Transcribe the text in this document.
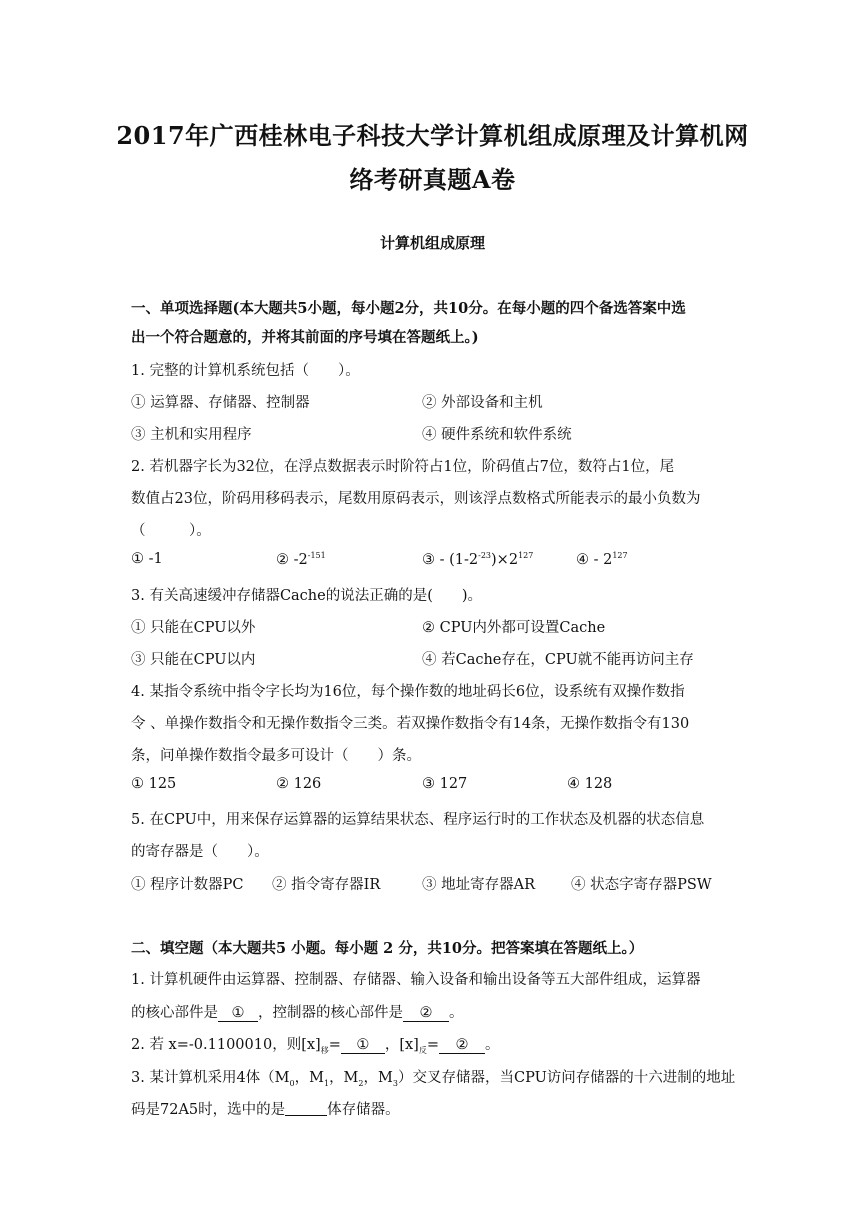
2017年广西桂林电子科技大学计算机组成原理及计算机网
络考研真题A卷
计算机组成原理
一、单项选择题(本大题共5小题，每小题2分，共10分。在每小题的四个备选答案中选
出一个符合题意的，并将其前面的序号填在答题纸上。)
1. 完整的计算机系统包括（　　）。
① 运算器、存储器、控制器	② 外部设备和主机
③ 主机和实用程序	④ 硬件系统和软件系统
2. 若机器字长为32位，在浮点数据表示时阶符占1位，阶码值占7位，数符占1位，尾
数值占23位，阶码用移码表示，尾数用原码表示，则该浮点数格式所能表示的最小负数为
（　　　）。
① -1	② $-2^{-151}$	③ - $(1-2^{-23})\times 2^{127}$	④ - $2^{127}$
3. 有关高速缓冲存储器Cache的说法正确的是(　　)。
① 只能在CPU以外	② CPU内外都可设置Cache
③ 只能在CPU以内	④ 若Cache存在，CPU就不能再访问主存
4. 某指令系统中指令字长均为16位，每个操作数的地址码长6位，设系统有双操作数指
令 、单操作数指令和无操作数指令三类。若双操作数指令有14条，无操作数指令有130
条，问单操作数指令最多可设计（　　）条。
① 125	② 126	③ 127	④ 128
5. 在CPU中，用来保存运算器的运算结果状态、程序运行时的工作状态及机器的状态信息
的寄存器是（　　）。
① 程序计数器PC ② 指令寄存器IR	③ 地址寄存器AR ④ 状态字寄存器PSW
二、填空题（本大题共5 小题。每小题 2 分，共10分。把答案填在答题纸上。）
1. 计算机硬件由运算器、控制器、存储器、输入设备和输出设备等五大部件组成，运算器
的核心部件是 ① ，控制器的核心部件是 ② 。
2. 若 x=-0.1100010，则$[x]_移=$ ① ，$[x]_反=$ ② 。
3. 某计算机采用4体（$M_0$，$M_1$，$M_2$，$M_3$）交叉存储器，当CPU访问存储器的十六进制的地址
码是72A5时，选中的是	体存储器。
